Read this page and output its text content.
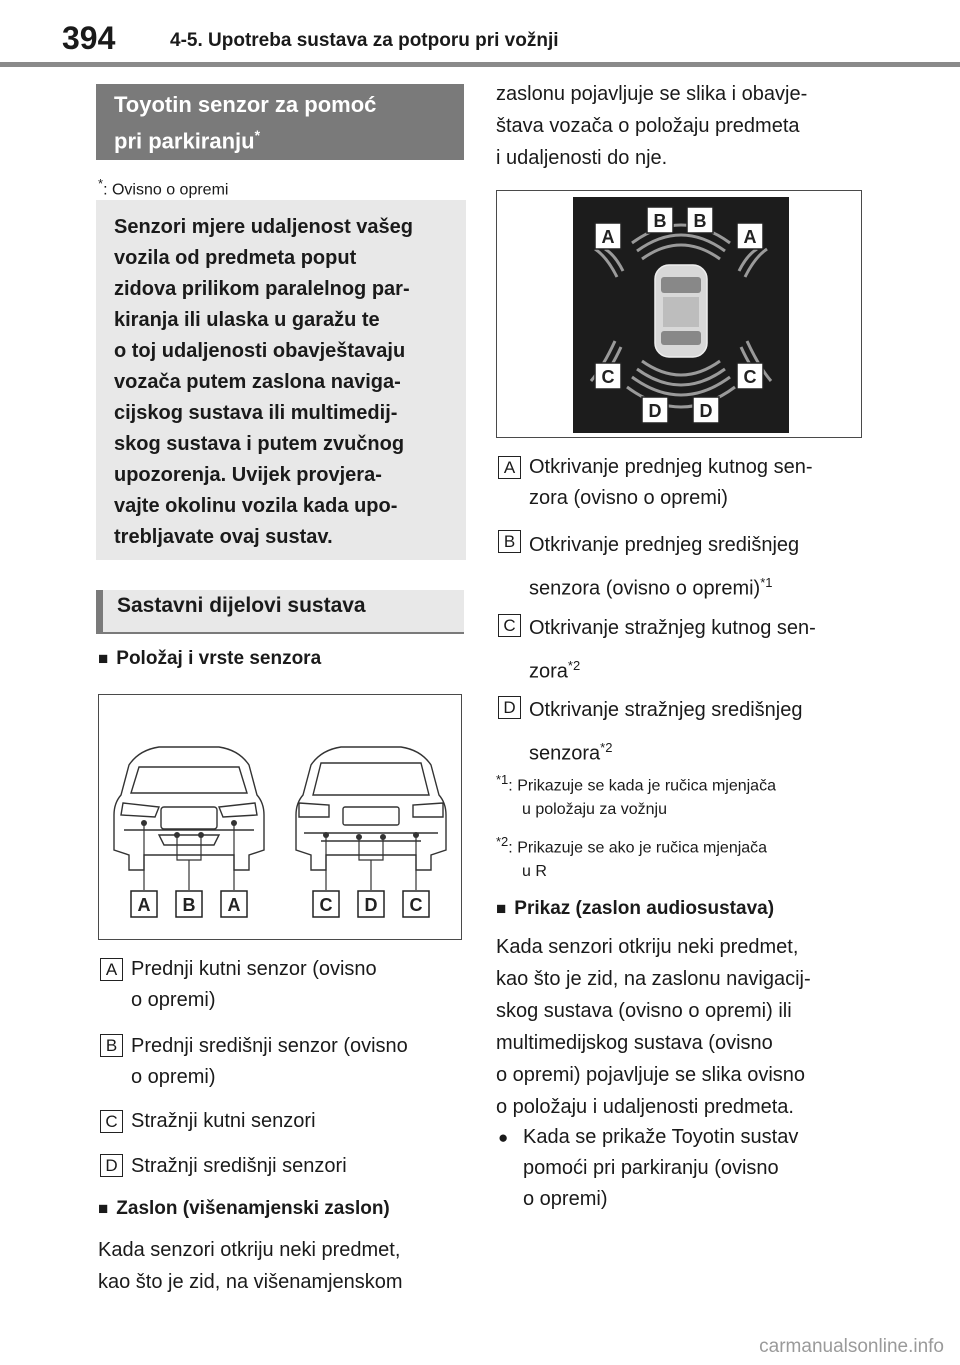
394	4-5. Upotreba sustava za potporu pri vožnji
Toyotin senzor za pomoć
pri parkiranju*
*: Ovisno o opremi
Senzori mjere udaljenost vašeg
vozila od predmeta poput
zidova prilikom paralelnog par-
kiranja ili ulaska u garažu te
o toj udaljenosti obavještavaju
vozača putem zaslona naviga-
cijskog sustava ili multimedij-
skog sustava i putem zvučnog
upozorenja. Uvijek provjera-
vajte okolinu vozila kada upo-
trebljavate ovaj sustav.
Sastavni dijelovi sustava
■ Položaj i vrste senzora
A B A	C D C
A Prednji kutni senzor (ovisno
o opremi)
B Prednji središnji senzor (ovisno
o opremi)
C Stražnji kutni senzori
D Stražnji središnji senzori
■ Zaslon (višenamjenski zaslon)
Kada senzori otkriju neki predmet,
kao što je zid, na višenamjenskom
zaslonu pojavljuje se slika i obavje-
štava vozača o položaju predmeta
i udaljenosti do nje.
A
B B
A
C	C
D D
A Otkrivanje prednjeg kutnog sen-
zora (ovisno o opremi)
B Otkrivanje prednjeg središnjeg
senzora (ovisno o opremi)$^{*1}$
C Otkrivanje stražnjeg kutnog sen-
zora$^{*2}$
D Otkrivanje stražnjeg središnjeg
senzora$^{*2}$
$^{*1}$: Prikazuje se kada je ručica mjenjača
u položaju za vožnju
$^{*2}$: Prikazuje se ako je ručica mjenjača
u R
■ Prikaz (zaslon audiosustava)
Kada senzori otkriju neki predmet,
kao što je zid, na zaslonu navigacij-
skog sustava (ovisno o opremi) ili
multimedijskog sustava (ovisno
o opremi) pojavljuje se slika ovisno
o položaju i udaljenosti predmeta.
● Kada se prikaže Toyotin sustav
pomoći pri parkiranju (ovisno
o opremi)
carmanualsonline.info
